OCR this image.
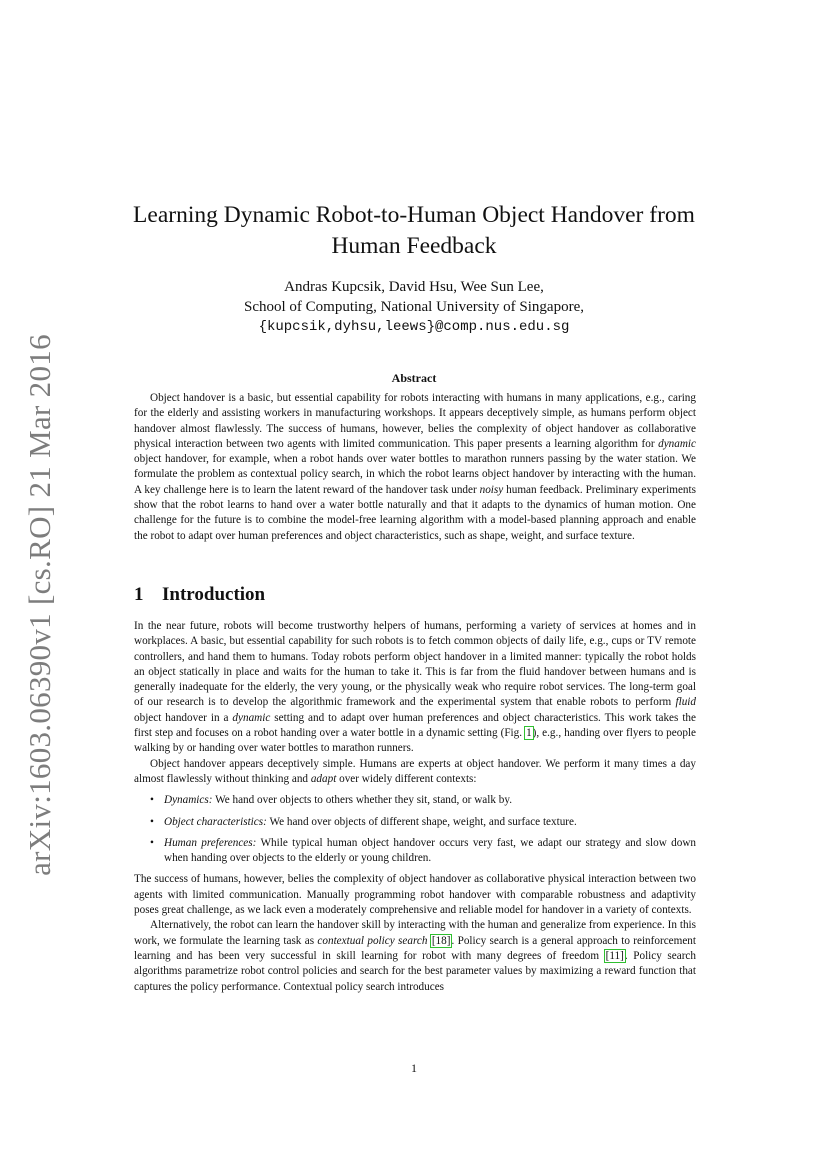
arXiv:1603.06390v1 [cs.RO] 21 Mar 2016
Learning Dynamic Robot-to-Human Object Handover from
Human Feedback
Andras Kupcsik, David Hsu, Wee Sun Lee,
School of Computing, National University of Singapore,
{kupcsik,dyhsu,leews}@comp.nus.edu.sg
Abstract

Object handover is a basic, but essential capability for robots interacting with humans in many applications, e.g., caring for the elderly and assisting workers in manufacturing workshops. It appears deceptively simple, as humans perform object handover almost flawlessly. The success of humans, however, belies the complexity of object handover as collaborative physical interaction between two agents with limited communication. This paper presents a learning algorithm for dynamic object handover, for example, when a robot hands over water bottles to marathon runners passing by the water station. We formulate the problem as contextual policy search, in which the robot learns object handover by interacting with the human. A key challenge here is to learn the latent reward of the handover task under noisy human feedback. Preliminary experiments show that the robot learns to hand over a water bottle naturally and that it adapts to the dynamics of human motion. One challenge for the future is to combine the model-free learning algorithm with a model-based planning approach and enable the robot to adapt over human preferences and object characteristics, such as shape, weight, and surface texture.

1 Introduction

In the near future, robots will become trustworthy helpers of humans, performing a variety of services at homes and in workplaces. A basic, but essential capability for such robots is to fetch common objects of daily life, e.g., cups or TV remote controllers, and hand them to humans. Today robots perform object handover in a limited manner: typically the robot holds an object statically in place and waits for the human to take it. This is far from the fluid handover between humans and is generally inadequate for the elderly, the very young, or the physically weak who require robot services. The long-term goal of our research is to develop the algorithmic framework and the experimental system that enable robots to perform fluid object handover in a dynamic setting and to adapt over human preferences and object characteristics. This work takes the first step and focuses on a robot handing over a water bottle in a dynamic setting (Fig. 1), e.g., handing over flyers to people walking by or handing over water bottles to marathon runners.

Object handover appears deceptively simple. Humans are experts at object handover. We perform it many times a day almost flawlessly without thinking and adapt over widely different contexts:

• Dynamics: We hand over objects to others whether they sit, stand, or walk by.
• Object characteristics: We hand over objects of different shape, weight, and surface texture.
• Human preferences: While typical human object handover occurs very fast, we adapt our strategy and slow down when handing over objects to the elderly or young children.

The success of humans, however, belies the complexity of object handover as collaborative physical interaction between two agents with limited communication. Manually programming robot handover with comparable robustness and adaptivity poses great challenge, as we lack even a moderately comprehensive and reliable model for handover in a variety of contexts.

Alternatively, the robot can learn the handover skill by interacting with the human and generalize from experience. In this work, we formulate the learning task as contextual policy search [18]. Policy search is a general approach to reinforcement learning and has been very successful in skill learning for robot with many degrees of freedom [11]. Policy search algorithms parametrize robot control policies and search for the best parameter values by maximizing a reward function that captures the policy performance. Contextual policy search introduces

1
